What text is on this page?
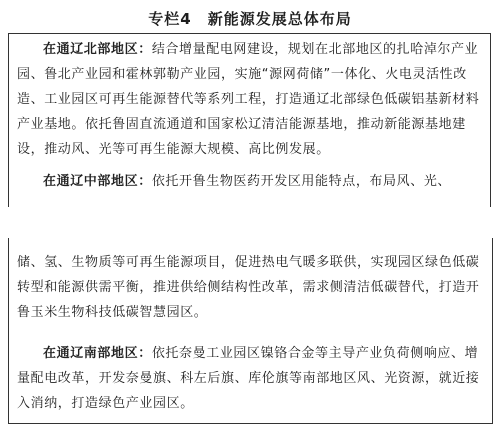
专栏4　新能源发展总体布局
在通辽北部地区：结合增量配电网建设，规划在北部地区的扎哈淖尔产业园、鲁北产业园和霍林郭勒产业园，实施“源网荷储”一体化、火电灵活性改造、工业园区可再生能源替代等系列工程，打造通辽北部绿色低碳铝基新材料产业基地。依托鲁固直流通道和国家松辽清洁能源基地，推动新能源基地建设，推动风、光等可再生能源大规模、高比例发展。
在通辽中部地区：依托开鲁生物医药开发区用能特点，布局风、光、
储、氢、生物质等可再生能源项目，促进热电气暖多联供，实现园区绿色低碳转型和能源供需平衡，推进供给侧结构性改革，需求侧清洁低碳替代，打造开鲁玉米生物科技低碳智慧园区。
在通辽南部地区：依托奈曼工业园区镍铬合金等主导产业负荷侧响应、增量配电改革，开发奈曼旗、科左后旗、库伦旗等南部地区风、光资源，就近接入消纳，打造绿色产业园区。
